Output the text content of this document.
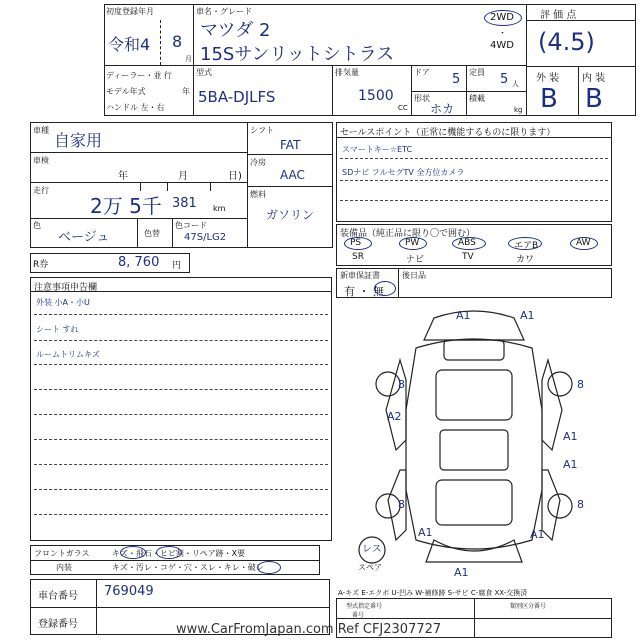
初度登録年月
令和4 8
月
車名・グレード
マツダ 2
15Sサンリットシトラス
2WD
・
4WD
評 価 点
(4.5)
外 装 内 装
B B
ディーラー・並 行
モデル年式	年
ハンドル 左・右
型式
5BA-DJLFS
排気量
1500
CC
ドア 5 定員 5 人
形状
ホカ
積載
kg
車種
自家用
車検
年	月	日)
走行
2万 5千 381 km
色
ベージュ	色替
色コード
47S/LG2
シフト
FAT
冷房
AAC
燃料
ガソリン
R券	8, 760 円
セールスポイント（正常に機能するものに限ります）
スマートキー☆ETC
SDナビ フルセグTV 全方位カメラ
装備品（純正品に限り〇で囲む）
PS	PW	ABS	エアB	AW
SR	ナビ	TV	カワ
新車保証書	後日品
有 ・ 無
注意事項申告欄
外装 小A・小U
シート すれ
ルームトリムキズ
A1	A1
8	8
A2
A1
A1
8	8
A1	A1
A1
レス
スペア
フロントガラス	キズ・飛石・ヒビ割・リペア跡・X要
内装	キズ・汚レ・コゲ・穴・スレ・キレ・破レ
車台番号 769049
登録番号
A-キズ E-エクボ U-凹み W-補修跡 S-サビ C-腐食 XX-交換済
型式指定番号	類別区分番号
番号
www.CarFromJapan.com Ref CFJ2307727
